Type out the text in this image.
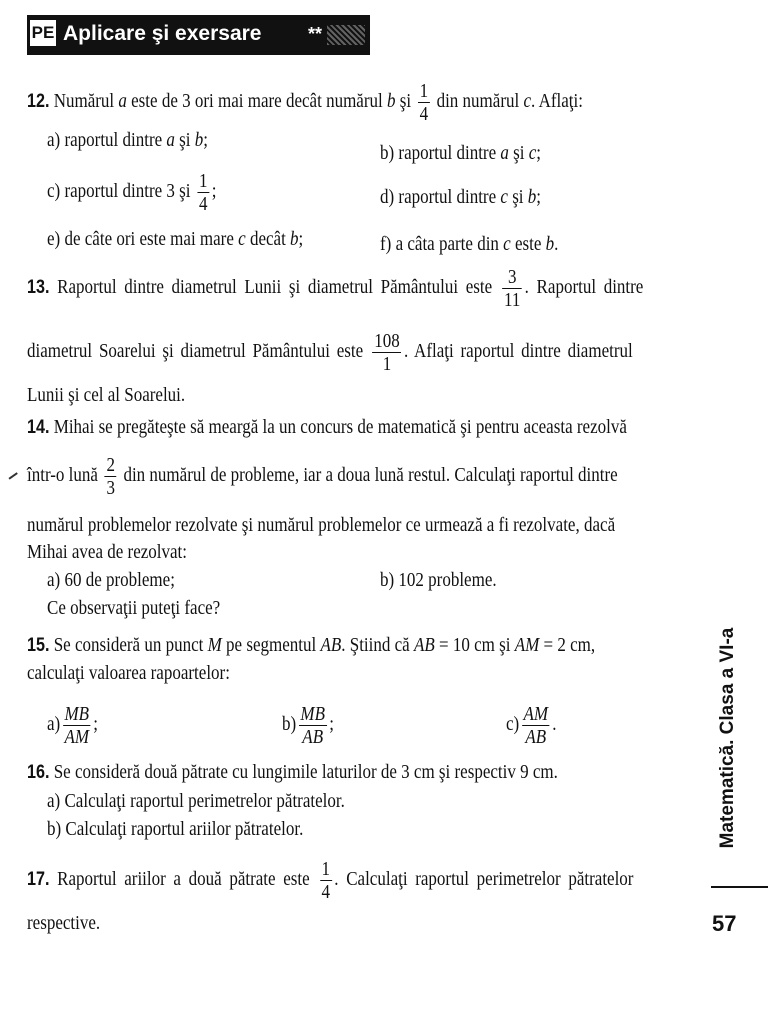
PE Aplicare şi exersare	**
12. Numărul a este de 3 ori mai mare decât numărul b şi $\frac{1}{4}$ din numărul c. Aflaţi:
a) raportul dintre a şi b;
b) raportul dintre a şi c;
c) raportul dintre 3 şi $\frac{1}{4}$ ;	d) raportul dintre c şi b;
e) de câte ori este mai mare c decât b;	f) a câta parte din c este b.
13. Raportul dintre diametrul Lunii şi diametrul Pământului este $\frac{3}{11}$ . Raportul dintre
diametrul Soarelui şi diametrul Pământului este $\frac{108}{1}$ . Aflaţi raportul dintre diametrul
Lunii şi cel al Soarelui.
14. Mihai se pregăteşte să meargă la un concurs de matematică şi pentru aceasta rezolvă
într-o lună $\frac{2}{3}$ din numărul de probleme, iar a doua lună restul. Calculaţi raportul dintre
numărul problemelor rezolvate şi numărul problemelor ce urmează a fi rezolvate, dacă
Mihai avea de rezolvat:
a) 60 de probleme;	b) 102 probleme.
Ce observaţii puteţi face?
15. Se consideră un punct M pe segmentul AB. Ştiind că AB = 10 cm şi AM = 2 cm,
calculaţi valoarea rapoartelor:
$a) \frac{MB}{AM}$ ;	$b) \frac{MB}{AB}$ ;	$c) \frac{AM}{AB}$ .
16. Se consideră două pătrate cu lungimile laturilor de 3 cm şi respectiv 9 cm.
a) Calculaţi raportul perimetrelor pătratelor.
b) Calculaţi raportul ariilor pătratelor.
17. Raportul ariilor a două pătrate este $\frac{1}{4}$ . Calculaţi raportul perimetrelor pătratelor
respective.
Matematică. Clasa a VI-a
57
